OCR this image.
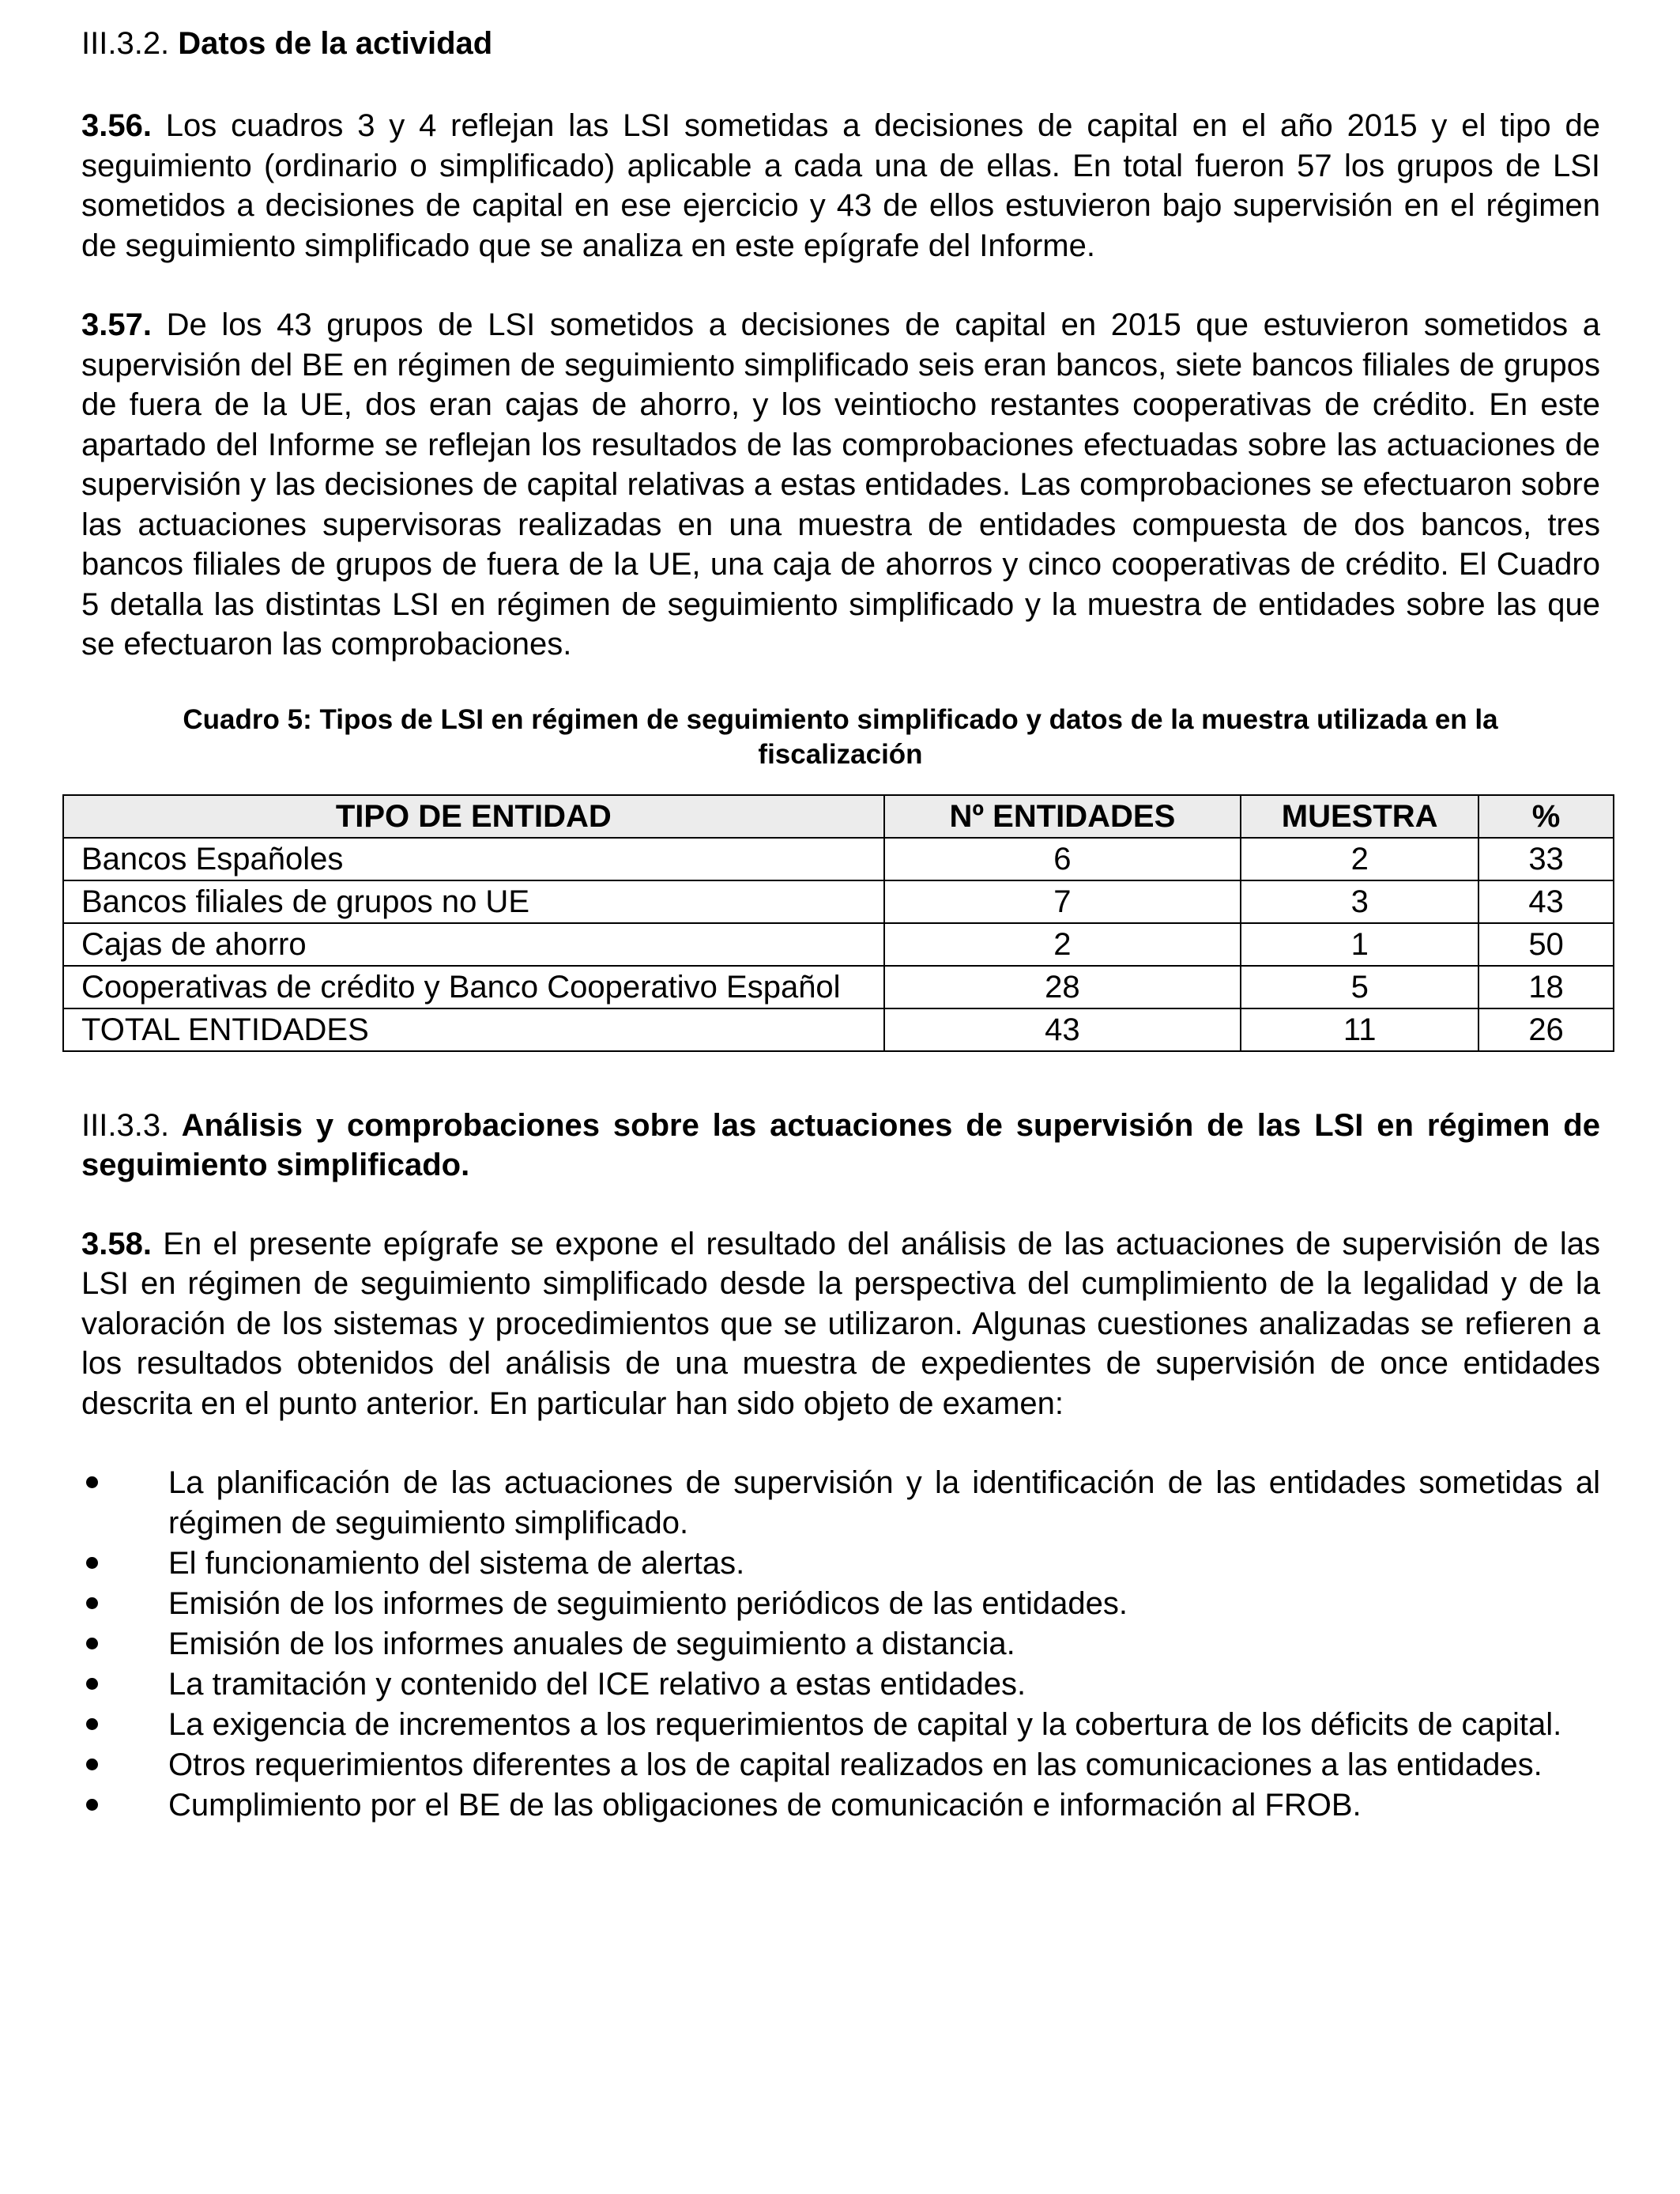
III.3.2. Datos de la actividad

3.56. Los cuadros 3 y 4 reflejan las LSI sometidas a decisiones de capital en el año 2015 y el tipo de seguimiento (ordinario o simplificado) aplicable a cada una de ellas. En total fueron 57 los grupos de LSI sometidos a decisiones de capital en ese ejercicio y 43 de ellos estuvieron bajo supervisión en el régimen de seguimiento simplificado que se analiza en este epígrafe del Informe.

3.57. De los 43 grupos de LSI sometidos a decisiones de capital en 2015 que estuvieron sometidos a supervisión del BE en régimen de seguimiento simplificado seis eran bancos, siete bancos filiales de grupos de fuera de la UE, dos eran cajas de ahorro, y los veintiocho restantes cooperativas de crédito. En este apartado del Informe se reflejan los resultados de las comprobaciones efectuadas sobre las actuaciones de supervisión y las decisiones de capital relativas a estas entidades. Las comprobaciones se efectuaron sobre las actuaciones supervisoras realizadas en una muestra de entidades compuesta de dos bancos, tres bancos filiales de grupos de fuera de la UE, una caja de ahorros y cinco cooperativas de crédito. El Cuadro 5 detalla las distintas LSI en régimen de seguimiento simplificado y la muestra de entidades sobre las que se efectuaron las comprobaciones.

Cuadro 5: Tipos de LSI en régimen de seguimiento simplificado y datos de la muestra utilizada en la
fiscalización

TIPO DE ENTIDAD	Nº ENTIDADES	MUESTRA	%
Bancos Españoles	6	2	33
Bancos filiales de grupos no UE	7	3	43
Cajas de ahorro	2	1	50
Cooperativas de crédito y Banco Cooperativo Español	28	5	18
TOTAL ENTIDADES	43	11	26
III.3.3. Análisis y comprobaciones sobre las actuaciones de supervisión de las LSI en régimen de seguimiento simplificado.

3.58. En el presente epígrafe se expone el resultado del análisis de las actuaciones de supervisión de las LSI en régimen de seguimiento simplificado desde la perspectiva del cumplimiento de la legalidad y de la valoración de los sistemas y procedimientos que se utilizaron. Algunas cuestiones analizadas se refieren a los resultados obtenidos del análisis de una muestra de expedientes de supervisión de once entidades descrita en el punto anterior. En particular han sido objeto de examen:

La planificación de las actuaciones de supervisión y la identificación de las entidades sometidas al régimen de seguimiento simplificado.
El funcionamiento del sistema de alertas.
Emisión de los informes de seguimiento periódicos de las entidades.
Emisión de los informes anuales de seguimiento a distancia.
La tramitación y contenido del ICE relativo a estas entidades.
La exigencia de incrementos a los requerimientos de capital y la cobertura de los déficits de capital.
Otros requerimientos diferentes a los de capital realizados en las comunicaciones a las entidades.
Cumplimiento por el BE de las obligaciones de comunicación e información al FROB.
